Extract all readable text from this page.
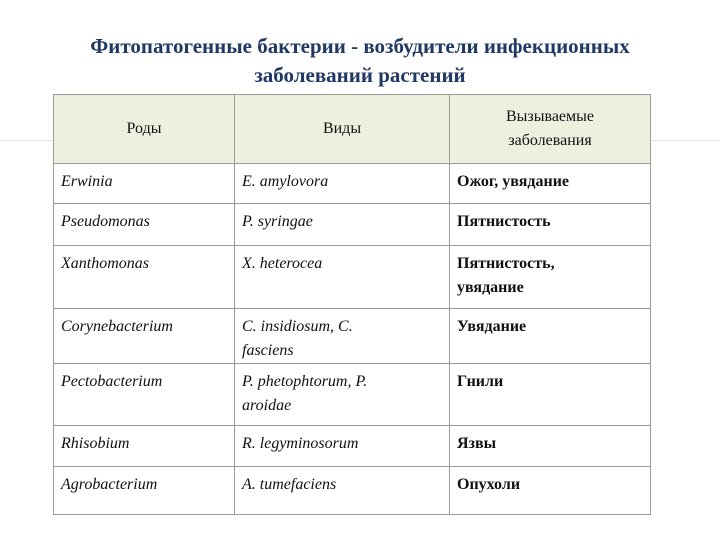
Фитопатогенные бактерии - возбудители инфекционных
заболеваний растений
Роды	Виды	Вызываемые заболевания
Erwinia	E. amylovora	Ожог, увядание
Pseudomonas	P. syringae	Пятнистость
Xanthomonas	X. heterocea	Пятнистость, увядание
Corynebacterium	C. insidiosum, C. fasciens	Увядание
Pectobacterium	P. phetophtorum, P. aroidae	Гнили
Rhisobium	R. legyminosorum	Язвы
Agrobacterium	A. tumefaciens	Опухоли
